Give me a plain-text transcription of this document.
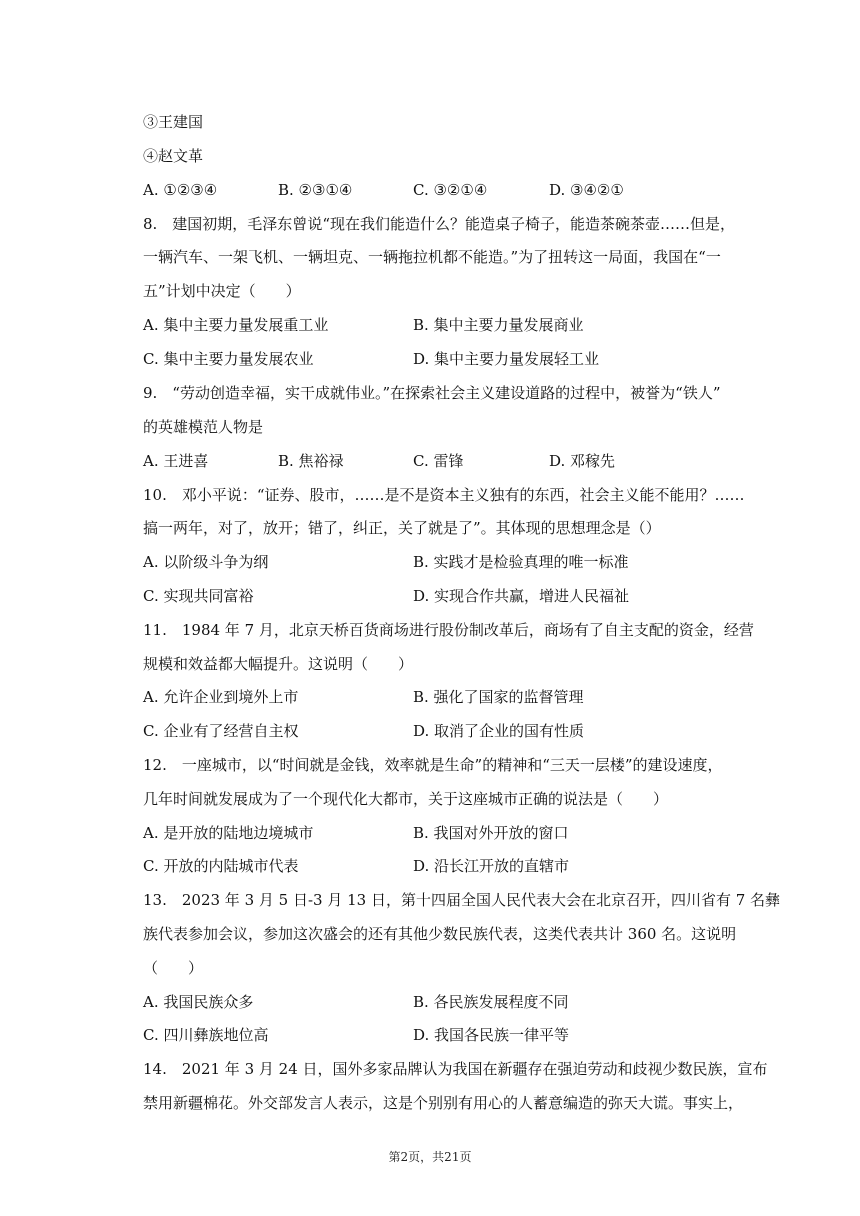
③王建国
④赵文革
A. ①②③④	B. ②③①④	C. ③②①④	D. ③④②①
8.　建国初期，毛泽东曾说“现在我们能造什么？能造桌子椅子，能造茶碗茶壶……但是，
一辆汽车、一架飞机、一辆坦克、一辆拖拉机都不能造。”为了扭转这一局面，我国在“一
五”计划中决定（　　）
A. 集中主要力量发展重工业	B. 集中主要力量发展商业
C. 集中主要力量发展农业	D. 集中主要力量发展轻工业
9.　“劳动创造幸福，实干成就伟业。”在探索社会主义建设道路的过程中，被誉为“铁人”
的英雄模范人物是
A. 王进喜	B. 焦裕禄	C. 雷锋	D. 邓稼先
10.　邓小平说：“证券、股市，……是不是资本主义独有的东西，社会主义能不能用？……
搞一两年，对了，放开；错了，纠正，关了就是了”。其体现的思想理念是（）
A. 以阶级斗争为纲	B. 实践才是检验真理的唯一标准
C. 实现共同富裕	D. 实现合作共赢，增进人民福祉
11.　1984 年 7 月，北京天桥百货商场进行股份制改革后，商场有了自主支配的资金，经营
规模和效益都大幅提升。这说明（　　）
A. 允许企业到境外上市	B. 强化了国家的监督管理
C. 企业有了经营自主权	D. 取消了企业的国有性质
12.　一座城市，以“时间就是金钱，效率就是生命”的精神和“三天一层楼”的建设速度，
几年时间就发展成为了一个现代化大都市，关于这座城市正确的说法是（　　）
A. 是开放的陆地边境城市	B. 我国对外开放的窗口
C. 开放的内陆城市代表	D. 沿长江开放的直辖市
13.　2023 年 3 月 5 日-3 月 13 日，第十四届全国人民代表大会在北京召开，四川省有 7 名彝
族代表参加会议，参加这次盛会的还有其他少数民族代表，这类代表共计 360 名。这说明
（　　）
A. 我国民族众多	B. 各民族发展程度不同
C. 四川彝族地位高	D. 我国各民族一律平等
14.　2021 年 3 月 24 日，国外多家品牌认为我国在新疆存在强迫劳动和歧视少数民族，宣布
禁用新疆棉花。外交部发言人表示，这是个别别有用心的人蓄意编造的弥天大谎。事实上，
第2页，共21页
